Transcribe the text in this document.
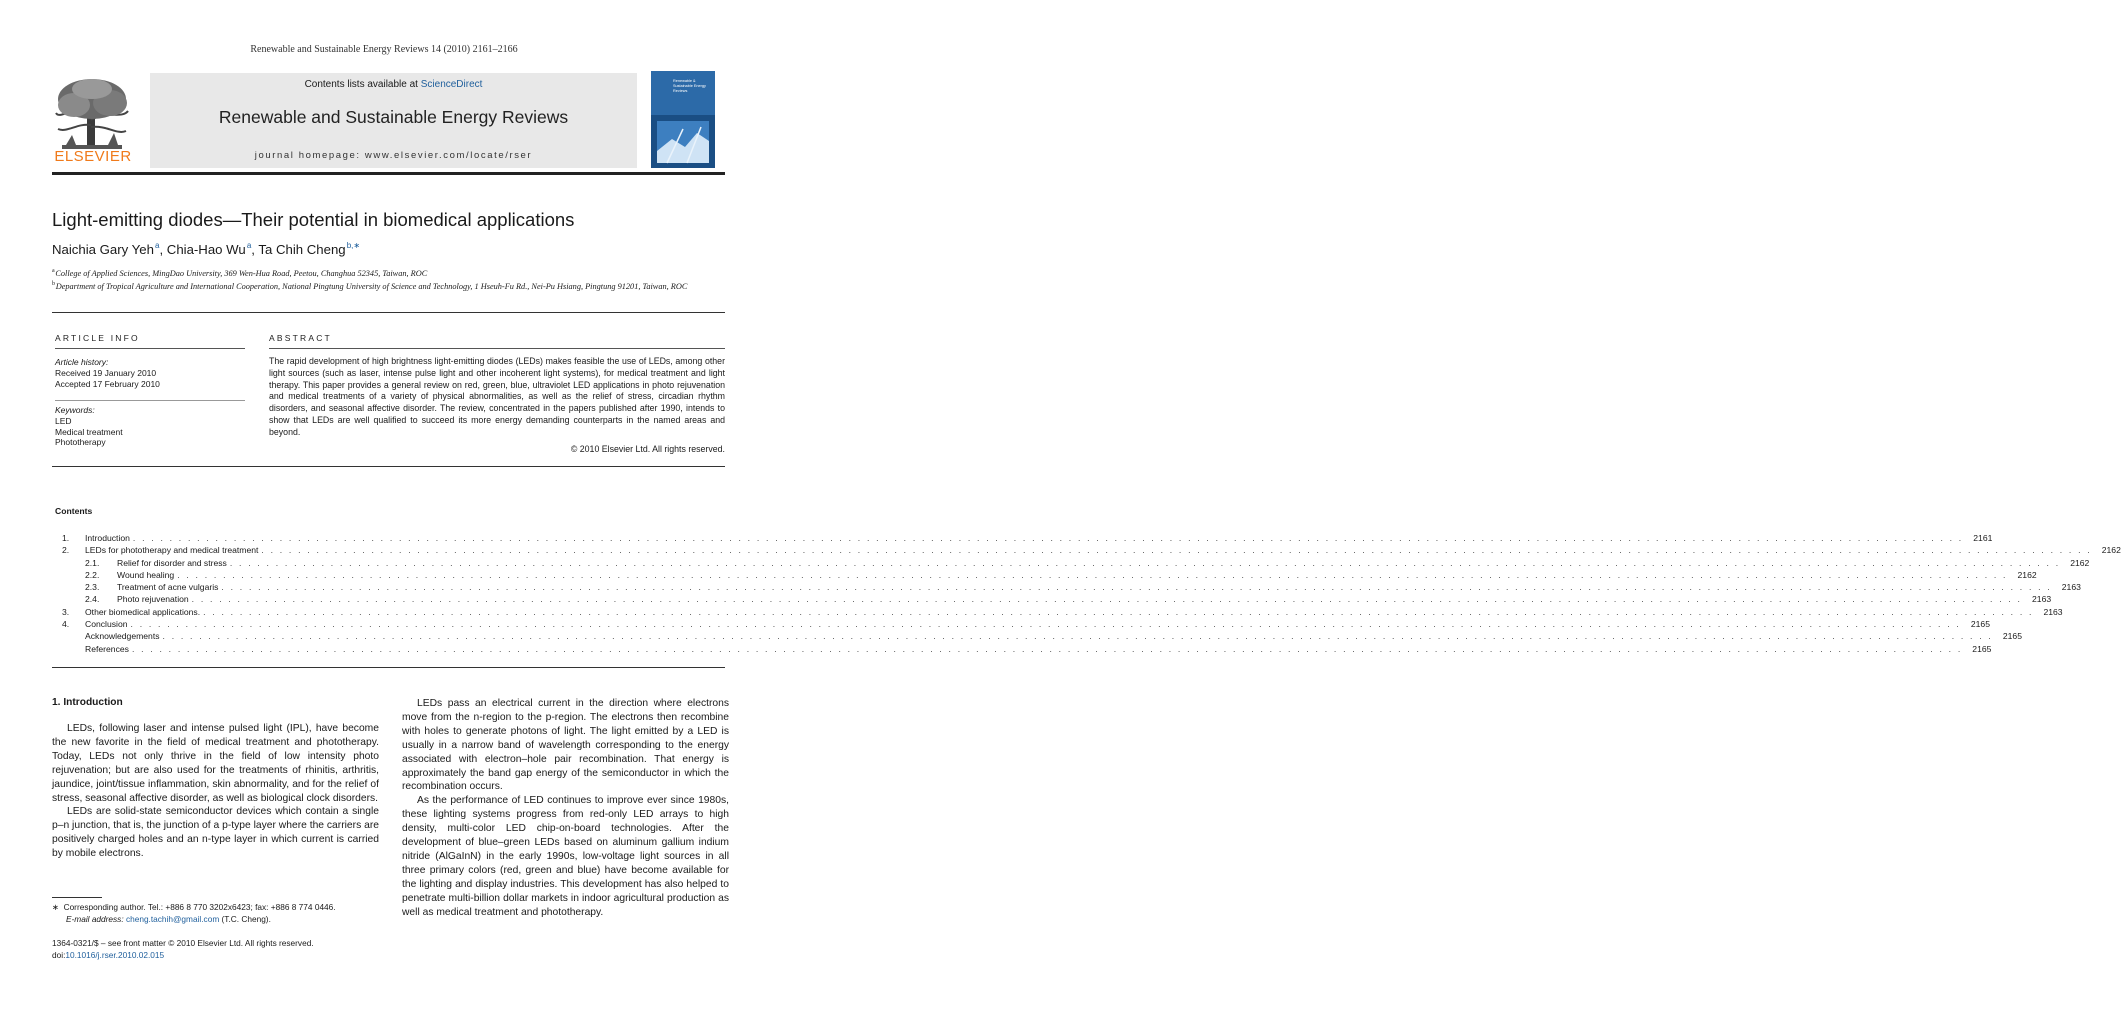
Renewable and Sustainable Energy Reviews 14 (2010) 2161–2166
Contents lists available at ScienceDirect
Renewable and Sustainable Energy Reviews
journal homepage: www.elsevier.com/locate/rser
ELSEVIER
Renewable & Sustainable Energy Reviews
Light-emitting diodes—Their potential in biomedical applications
Naichia Gary Yeh $^a$, Chia-Hao Wu $^a$, Ta Chih Cheng $^{b,∗}$
$^a$ College of Applied Sciences, MingDao University, 369 Wen-Hua Road, Peetou, Changhua 52345, Taiwan, ROC
$^b$ Department of Tropical Agriculture and International Cooperation, National Pingtung University of Science and Technology, 1 Hseuh-Fu Rd., Nei-Pu Hsiang, Pingtung 91201, Taiwan, ROC
ARTICLE INFO	ABSTRACT
Article history:
Received 19 January 2010
Accepted 17 February 2010
Keywords:
LED
Medical treatment
Phototherapy
The rapid development of high brightness light-emitting diodes (LEDs) makes feasible the use of LEDs, among other light sources (such as laser, intense pulse light and other incoherent light systems), for medical treatment and light therapy. This paper provides a general review on red, green, blue, ultraviolet LED applications in photo rejuvenation and medical treatments of a variety of physical abnormalities, as well as the relief of stress, circadian rhythm disorders, and seasonal affective disorder. The review, concentrated in the papers published after 1990, intends to show that LEDs are well qualified to succeed its more energy demanding counterparts in the named areas and beyond.
© 2010 Elsevier Ltd. All rights reserved.
Contents
1.	Introduction . . . . . . . . . . . . . . . . . . . . . . . . . . . . . . . . . . . . . . . . . . . . . . . . . . . . . . . . . . . . . . . . . . . . . . . . . . . . . . . . . . . . . . . . . . . . . . . . . . . . . . . . . . . . . . . . . . . . . . . . . . . . . . . . . . . . . . . . . . . . . . . . . . . . . . . . . . . . . . . . . . . . . . . . . . . . . . . . . . . . . . . . . . . . . . . . . . . . . . . .	2161
2.	LEDs for phototherapy and medical treatment . . . . . . . . . . . . . . . . . . . . . . . . . . . . . . . . . . . . . . . . . . . . . . . . . . . . . . . . . . . . . . . . . . . . . . . . . . . . . . . . . . . . . . . . . . . . . . . . . . . . . . . . . . . . . . . . . . . . . . . . . . . . . . . . . . . . . . . . . . . . . . . . . . . . . . . . . . . . . . . . . . . . . . . . . . . . . . . . . . . . . . . . . . . . . . . . . . . . . . . .	2162
2.1.	Relief for disorder and stress . . . . . . . . . . . . . . . . . . . . . . . . . . . . . . . . . . . . . . . . . . . . . . . . . . . . . . . . . . . . . . . . . . . . . . . . . . . . . . . . . . . . . . . . . . . . . . . . . . . . . . . . . . . . . . . . . . . . . . . . . . . . . . . . . . . . . . . . . . . . . . . . . . . . . . . . . . . . . . . . . . . . . . . . . . . . . . . . . . . . . . . . . . . . . . . . . . . . . . . .	2162
2.2.	Wound healing . . . . . . . . . . . . . . . . . . . . . . . . . . . . . . . . . . . . . . . . . . . . . . . . . . . . . . . . . . . . . . . . . . . . . . . . . . . . . . . . . . . . . . . . . . . . . . . . . . . . . . . . . . . . . . . . . . . . . . . . . . . . . . . . . . . . . . . . . . . . . . . . . . . . . . . . . . . . . . . . . . . . . . . . . . . . . . . . . . . . . . . . . . . . . . . . . . . . . . . .	2162
2.3.	Treatment of acne vulgaris . . . . . . . . . . . . . . . . . . . . . . . . . . . . . . . . . . . . . . . . . . . . . . . . . . . . . . . . . . . . . . . . . . . . . . . . . . . . . . . . . . . . . . . . . . . . . . . . . . . . . . . . . . . . . . . . . . . . . . . . . . . . . . . . . . . . . . . . . . . . . . . . . . . . . . . . . . . . . . . . . . . . . . . . . . . . . . . . . . . . . . . . . . . . . . . . . . . . . . . .	2163
2.4.	Photo rejuvenation . . . . . . . . . . . . . . . . . . . . . . . . . . . . . . . . . . . . . . . . . . . . . . . . . . . . . . . . . . . . . . . . . . . . . . . . . . . . . . . . . . . . . . . . . . . . . . . . . . . . . . . . . . . . . . . . . . . . . . . . . . . . . . . . . . . . . . . . . . . . . . . . . . . . . . . . . . . . . . . . . . . . . . . . . . . . . . . . . . . . . . . . . . . . . . . . . . . . . . . .	2163
3.	Other biomedical applications. . . . . . . . . . . . . . . . . . . . . . . . . . . . . . . . . . . . . . . . . . . . . . . . . . . . . . . . . . . . . . . . . . . . . . . . . . . . . . . . . . . . . . . . . . . . . . . . . . . . . . . . . . . . . . . . . . . . . . . . . . . . . . . . . . . . . . . . . . . . . . . . . . . . . . . . . . . . . . . . . . . . . . . . . . . . . . . . . . . . . . . . . . . . . . . . . . . . . . . . .	2163
4.	Conclusion . . . . . . . . . . . . . . . . . . . . . . . . . . . . . . . . . . . . . . . . . . . . . . . . . . . . . . . . . . . . . . . . . . . . . . . . . . . . . . . . . . . . . . . . . . . . . . . . . . . . . . . . . . . . . . . . . . . . . . . . . . . . . . . . . . . . . . . . . . . . . . . . . . . . . . . . . . . . . . . . . . . . . . . . . . . . . . . . . . . . . . . . . . . . . . . . . . . . . . . .	2165
Acknowledgements . . . . . . . . . . . . . . . . . . . . . . . . . . . . . . . . . . . . . . . . . . . . . . . . . . . . . . . . . . . . . . . . . . . . . . . . . . . . . . . . . . . . . . . . . . . . . . . . . . . . . . . . . . . . . . . . . . . . . . . . . . . . . . . . . . . . . . . . . . . . . . . . . . . . . . . . . . . . . . . . . . . . . . . . . . . . . . . . . . . . . . . . . . . . . . . . . . . . . . . .	2165
References . . . . . . . . . . . . . . . . . . . . . . . . . . . . . . . . . . . . . . . . . . . . . . . . . . . . . . . . . . . . . . . . . . . . . . . . . . . . . . . . . . . . . . . . . . . . . . . . . . . . . . . . . . . . . . . . . . . . . . . . . . . . . . . . . . . . . . . . . . . . . . . . . . . . . . . . . . . . . . . . . . . . . . . . . . . . . . . . . . . . . . . . . . . . . . . . . . . . . . . .	2165
1. Introduction

LEDs, following laser and intense pulsed light (IPL), have become the new favorite in the field of medical treatment and phototherapy. Today, LEDs not only thrive in the field of low intensity photo rejuvenation; but are also used for the treatments of rhinitis, arthritis, jaundice, joint/tissue inflammation, skin abnormality, and for the relief of stress, seasonal affective disorder, as well as biological clock disorders.

LEDs are solid-state semiconductor devices which contain a single p–n junction, that is, the junction of a p-type layer where the carriers are positively charged holes and an n-type layer in which current is carried by mobile electrons.

LEDs pass an electrical current in the direction where electrons move from the n-region to the p-region. The electrons then recombine with holes to generate photons of light. The light emitted by a LED is usually in a narrow band of wavelength corresponding to the energy associated with electron–hole pair recombination. That energy is approximately the band gap energy of the semiconductor in which the recombination occurs.

As the performance of LED continues to improve ever since 1980s, these lighting systems progress from red-only LED arrays to high density, multi-color LED chip-on-board technologies. After the development of blue–green LEDs based on aluminum gallium indium nitride (AlGaInN) in the early 1990s, low-voltage light sources in all three primary colors (red, green and blue) have become available for the lighting and display industries. This development has also helped to penetrate multi-billion dollar markets in indoor agricultural production as well as medical treatment and phototherapy.

∗ Corresponding author. Tel.: +886 8 770 3202x6423; fax: +886 8 774 0446.
E-mail address: cheng.tachih@gmail.com (T.C. Cheng).
1364-0321/$ – see front matter © 2010 Elsevier Ltd. All rights reserved.
doi:10.1016/j.rser.2010.02.015
